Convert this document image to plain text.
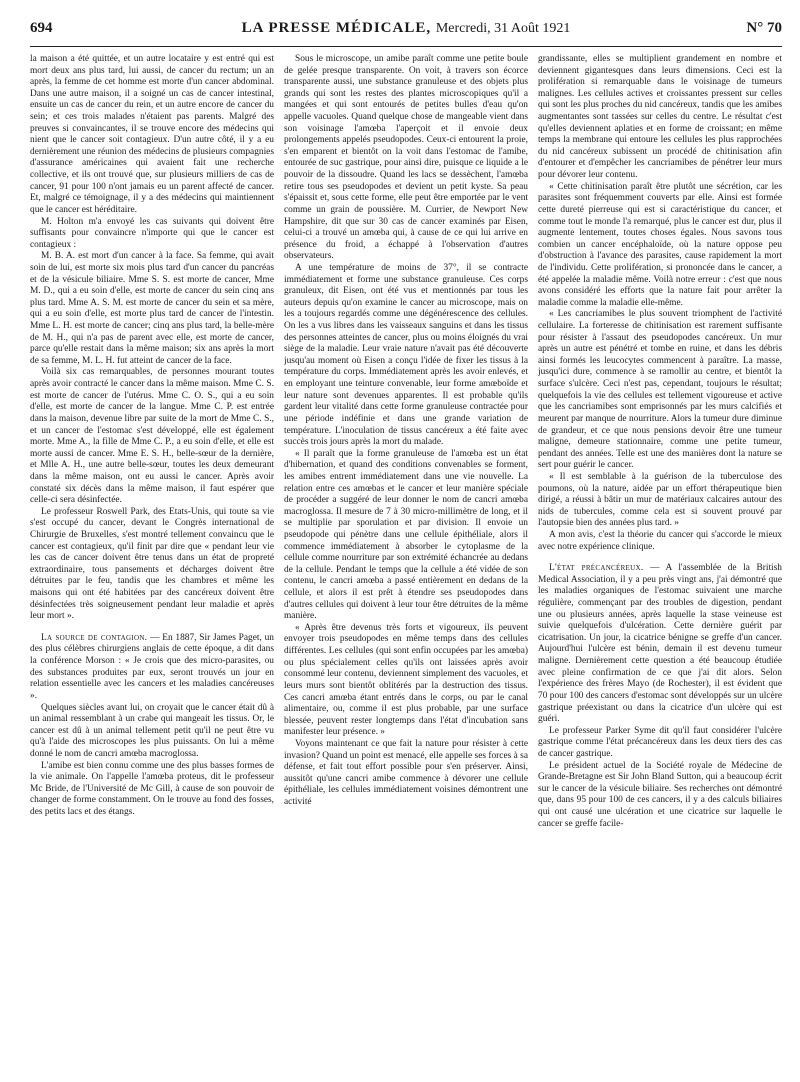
694	LA PRESSE MÉDICALE, Mercredi, 31 Août 1921	N° 70

la maison a été quittée, et un autre locataire y est entré qui est mort deux ans plus tard, lui aussi, de cancer du rectum; un an après, la femme de cet homme est morte d'un cancer abdominal. Dans une autre maison, il a soigné un cas de cancer intestinal, ensuite un cas de cancer du rein, et un autre encore de cancer du sein; et ces trois malades n'étaient pas parents. Malgré des preuves si convaincantes, il se trouve encore des médecins qui nient que le cancer soit contagieux. D'un autre côté, il y a eu dernièrement une réunion des médecins de plusieurs compagnies d'assurance américaines qui avaient fait une recherche collective, et ils ont trouvé que, sur plusieurs milliers de cas de cancer, 91 pour 100 n'ont jamais eu un parent affecté de cancer. Et, malgré ce témoignage, il y a des médecins qui maintiennent que le cancer est héréditaire.

M. Holton m'a envoyé les cas suivants qui doivent être suffisants pour convaincre n'importe qui que le cancer est contagieux :

M. B. A. est mort d'un cancer à la face. Sa femme, qui avait soin de lui, est morte six mois plus tard d'un cancer du pancréas et de la vésicule biliaire. Mme S. S. est morte de cancer, Mme M. D., qui a eu soin d'elle, est morte de cancer du sein cinq ans plus tard. Mme A. S. M. est morte de cancer du sein et sa mère, qui a eu soin d'elle, est morte plus tard de cancer de l'intestin. Mme L. H. est morte de cancer; cinq ans plus tard, la belle-mère de M. H., qui n'a pas de parent avec elle, est morte de cancer, parce qu'elle restait dans la même maison; six ans après la mort de sa femme, M. L. H. fut atteint de cancer de la face.

Voilà six cas remarquables, de personnes mourant toutes après avoir contracté le cancer dans la même maison. Mme C. S. est morte de cancer de l'utérus. Mme C. O. S., qui a eu soin d'elle, est morte de cancer de la langue. Mme C. P. est entrée dans la maison, devenue libre par suite de la mort de Mme C. S., et un cancer de l'estomac s'est développé, elle est également morte. Mme A., la fille de Mme C. P., a eu soin d'elle, et elle est morte aussi de cancer. Mme E. S. H., belle-sœur de la dernière, et Mlle A. H., une autre belle-sœur, toutes les deux demeurant dans la même maison, ont eu aussi le cancer. Après avoir constaté six décès dans la même maison, il faut espérer que celle-ci sera désinfectée.

Le professeur Roswell Park, des Etats-Unis, qui toute sa vie s'est occupé du cancer, devant le Congrès international de Chirurgie de Bruxelles, s'est montré tellement convaincu que le cancer est contagieux, qu'il finit par dire que « pendant leur vie les cas de cancer doivent être tenus dans un état de propreté extraordinaire, tous pansements et décharges doivent être détruites par le feu, tandis que les chambres et même les maisons qui ont été habitées par des cancéreux doivent être désinfectées très soigneusement pendant leur maladie et après leur mort ».

La source de contagion. — En 1887, Sir James Paget, un des plus célèbres chirurgiens anglais de cette époque, a dit dans la conférence Morson : « Je crois que des micro-parasites, ou des substances produites par eux, seront trouvés un jour en relation essentielle avec les cancers et les maladies cancéreuses ».

Quelques siècles avant lui, on croyait que le cancer était dû à un animal ressemblant à un crabe qui mangeait les tissus. Or, le cancer est dû à un animal tellement petit qu'il ne peut être vu qu'à l'aide des microscopes les plus puissants. On lui a même donné le nom de cancri amœba macroglossa.

L'amibe est bien connu comme une des plus basses formes de la vie animale. On l'appelle l'amœba proteus, dit le professeur Mc Bride, de l'Université de Mc Gill, à cause de son pouvoir de changer de forme constamment. On le trouve au fond des fosses, des petits lacs et des étangs.

Sous le microscope, un amibe paraît comme une petite boule de gelée presque transparente. On voit, à travers son écorce transparente aussi, une substance granuleuse et des objets plus grands qui sont les restes des plantes microscopiques qu'il a mangées et qui sont entourés de petites bulles d'eau qu'on appelle vacuoles. Quand quelque chose de mangeable vient dans son voisinage l'amœba l'aperçoit et il envoie deux prolongements appelés pseudopodes. Ceux-ci entourent la proie, s'en emparent et bientôt on la voit dans l'estomac de l'amibe, entourée de suc gastrique, pour ainsi dire, puisque ce liquide a le pouvoir de la dissoudre. Quand les lacs se dessèchent, l'amœba retire tous ses pseudopodes et devient un petit kyste. Sa peau s'épaissit et, sous cette forme, elle peut être emportée par le vent comme un grain de poussière. M. Currier, de Newport New Hampshire, dit que sur 30 cas de cancer examinés par Eisen, celui-ci a trouvé un amœba qui, à cause de ce qui lui arrive en présence du froid, a échappé à l'observation d'autres observateurs.

A une température de moins de 37°, il se contracte immédiatement et forme une substance granuleuse. Ces corps granuleux, dit Eisen, ont été vus et mentionnés par tous les auteurs depuis qu'on examine le cancer au microscope, mais on les a toujours regardés comme une dégénérescence des cellules. On les a vus libres dans les vaisseaux sanguins et dans les tissus des personnes atteintes de cancer, plus ou moins éloignés du vrai siège de la maladie. Leur vraie nature n'avait pas été découverte jusqu'au moment où Eisen a conçu l'idée de fixer les tissus à la température du corps. Immédiatement après les avoir enlevés, et en employant une teinture convenable, leur forme amœboïde et leur nature sont devenues apparentes. Il est probable qu'ils gardent leur vitalité dans cette forme granuleuse contractée pour une période indéfinie et dans une grande variation de température. L'inoculation de tissus cancéreux a été faite avec succès trois jours après la mort du malade.

« Il paraît que la forme granuleuse de l'amœba est un état d'hibernation, et quand des conditions convenables se forment, les amibes entrent immédiatement dans une vie nouvelle. La relation entre ces amœbas et le cancer et leur manière spéciale de procéder a suggéré de leur donner le nom de cancri amœba macroglossa. Il mesure de 7 à 30 micro-millimètre de long, et il se multiplie par sporulation et par division. Il envoie un pseudopode qui pénètre dans une cellule épithéliale, alors il commence immédiatement à absorber le cytoplasme de la cellule comme nourriture par son extrémité échancrée au dedans de la cellule. Pendant le temps que la cellule a été vidée de son contenu, le cancri amœba a passé entièrement en dedans de la cellule, et alors il est prêt à étendre ses pseudopodes dans d'autres cellules qui doivent à leur tour être détruites de la même manière.

« Après être devenus très forts et vigoureux, ils peuvent envoyer trois pseudopodes en même temps dans des cellules différentes. Les cellules (qui sont enfin occupées par les amœba) ou plus spécialement celles qu'ils ont laissées après avoir consommé leur contenu, deviennent simplement des vacuoles, et leurs murs sont bientôt oblitérés par la destruction des tissus. Ces cancri amœba étant entrés dans le corps, ou par le canal alimentaire, ou, comme il est plus probable, par une surface blessée, peuvent rester longtemps dans l'état d'incubation sans manifester leur présence. »

Voyons maintenant ce que fait la nature pour résister à cette invasion? Quand un point est menacé, elle appelle ses forces à sa défense, et fait tout effort possible pour s'en préserver. Ainsi, aussitôt qu'une cancri amibe commence à dévorer une cellule épithéliale, les cellules immédiatement voisines démontrent une activité

grandissante, elles se multiplient grandement en nombre et deviennent gigantesques dans leurs dimensions. Ceci est la prolifération si remarquable dans le voisinage de tumeurs malignes. Les cellules actives et croissantes pressent sur celles qui sont les plus proches du nid cancéreux, tandis que les amibes augmentantes sont tassées sur celles du centre. Le résultat c'est qu'elles deviennent aplaties et en forme de croissant; en même temps la membrane qui entoure les cellules les plus rapprochées du nid cancéreux subissent un procédé de chitinisation afin d'entourer et d'empêcher les cancriamibes de pénétrer leur murs pour dévorer leur contenu.

« Cette chitinisation paraît être plutôt une sécrétion, car les parasites sont fréquemment couverts par elle. Ainsi est formée cette dureté pierreuse qui est si caractéristique du cancer, et comme tout le monde l'a remarqué, plus le cancer est dur, plus il augmente lentement, toutes choses égales. Nous savons tous combien un cancer encéphaloïde, où la nature oppose peu d'obstruction à l'avance des parasites, cause rapidement la mort de l'individu. Cette prolifération, si prononcée dans le cancer, a été appelée la maladie même. Voilà notre erreur : c'est que nous avons considéré les efforts que la nature fait pour arrêter la maladie comme la maladie elle-même.

« Les cancriamibes le plus souvent triomphent de l'activité cellulaire. La forteresse de chitinisation est rarement suffisante pour résister à l'assaut des pseudopodes cancéreux. Un mur après un autre est pénétré et tombe en ruine, et dans les débris ainsi formés les leucocytes commencent à paraître. La masse, jusqu'ici dure, commence à se ramollir au centre, et bientôt la surface s'ulcère. Ceci n'est pas, cependant, toujours le résultat; quelquefois la vie des cellules est tellement vigoureuse et active que les cancriamibes sont emprisonnés par les murs calcifiés et meurent par manque de nourriture. Alors la tumeur dure diminue de grandeur, et ce que nous pensions devoir être une tumeur maligne, demeure stationnaire, comme une petite tumeur, pendant des années. Telle est une des manières dont la nature se sert pour guérir le cancer.

« Il est semblable à la guérison de la tuberculose des poumons, où la nature, aidée par un effort thérapeutique bien dirigé, a réussi à bâtir un mur de matériaux calcaires autour des nids de tubercules, comme cela est si souvent prouvé par l'autopsie bien des années plus tard. »

A mon avis, c'est la théorie du cancer qui s'accorde le mieux avec notre expérience clinique.

L'état précancéreux. — A l'assemblée de la British Medical Association, il y a peu près vingt ans, j'ai démontré que les maladies organiques de l'estomac suivaient une marche régulière, commençant par des troubles de digestion, pendant une ou plusieurs années, après laquelle la stase veineuse est suivie quelquefois d'ulcération. Cette dernière guérit par cicatrisation. Un jour, la cicatrice bénigne se greffe d'un cancer. Aujourd'hui l'ulcère est bénin, demain il est devenu tumeur maligne. Dernièrement cette question a été beaucoup étudiée avec pleine confirmation de ce que j'ai dit alors. Selon l'expérience des frères Mayo (de Rochester), il est évident que 70 pour 100 des cancers d'estomac sont développés sur un ulcère gastrique préexistant ou dans la cicatrice d'un ulcère qui est guéri.

Le professeur Parker Syme dit qu'il faut considérer l'ulcère gastrique comme l'état précancéreux dans les deux tiers des cas de cancer gastrique.

Le président actuel de la Société royale de Médecine de Grande-Bretagne est Sir John Bland Sutton, qui a beaucoup écrit sur le cancer de la vésicule biliaire. Ses recherches ont démontré que, dans 95 pour 100 de ces cancers, il y a des calculs biliaires qui ont causé une ulcération et une cicatrice sur laquelle le cancer se greffe facile-
